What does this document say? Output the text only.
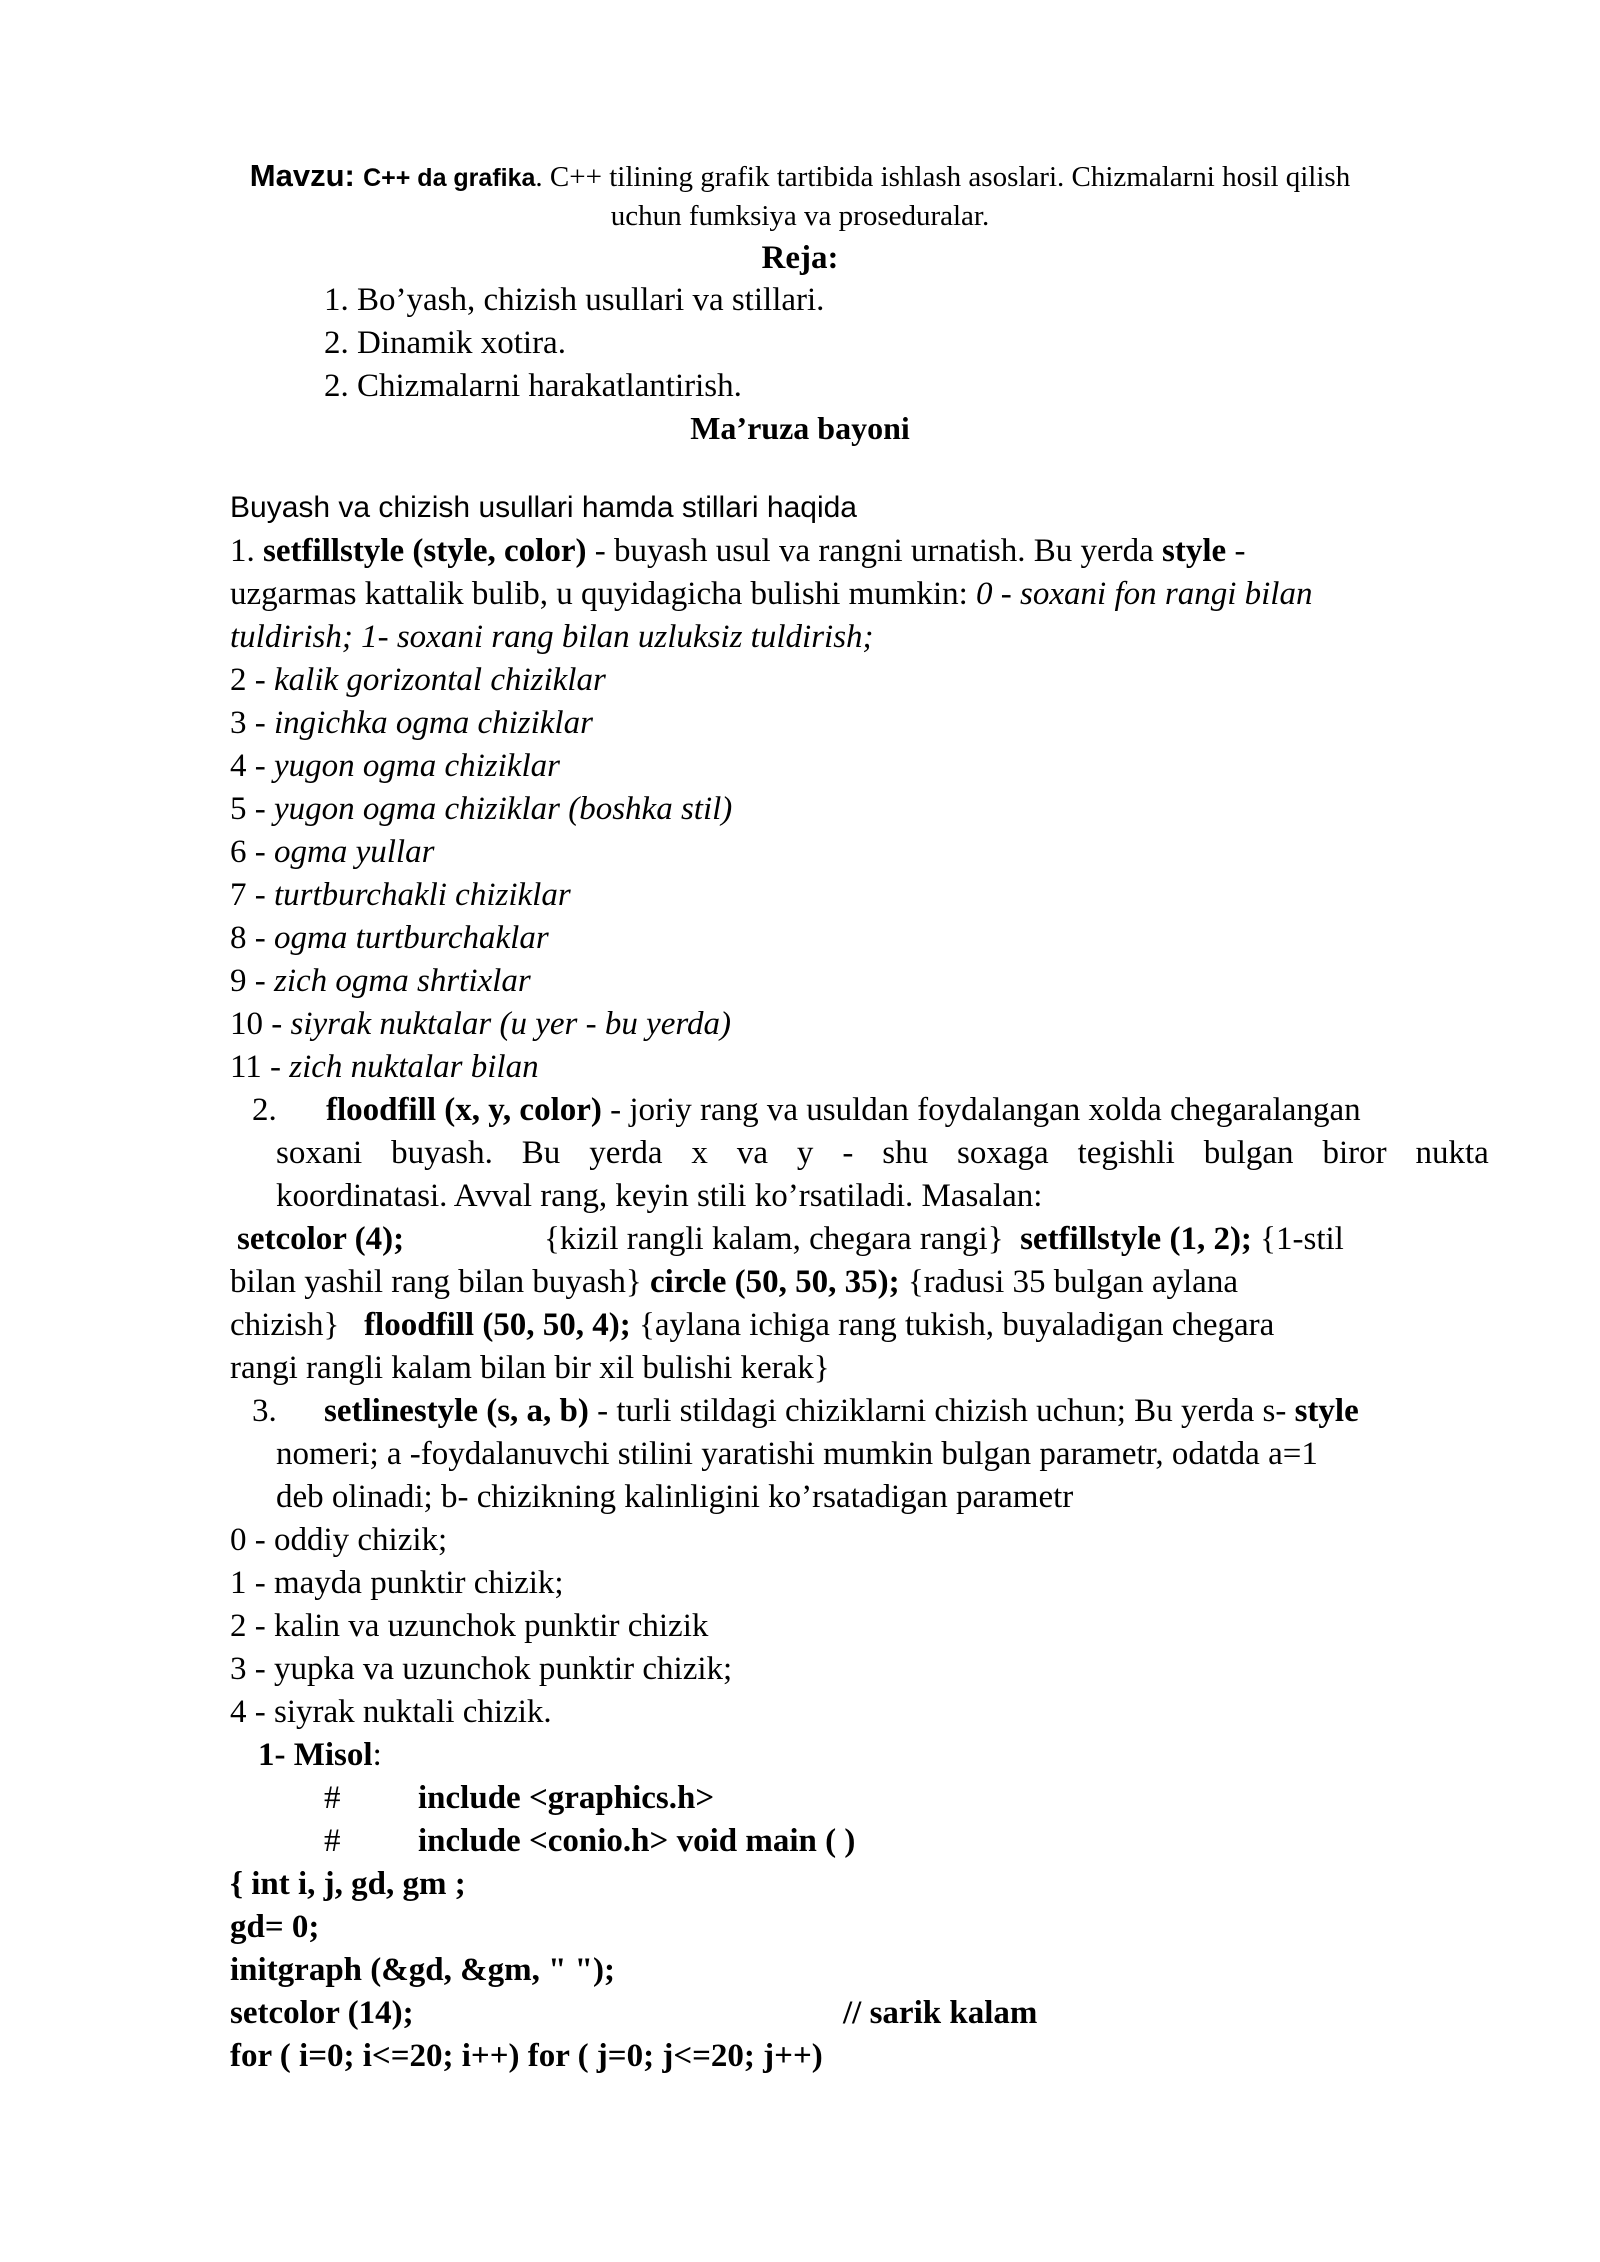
Mavzu: C++ da grafika. C++ tilining grafik tartibida ishlash asoslari. Chizmalarni hosil qilish
uchun fumksiya va proseduralar.
Reja:
1. Bo’yash, chizish usullari va stillari.
2. Dinamik xotira.
2. Chizmalarni harakatlantirish.
Ma’ruza bayoni
Buyash va chizish usullari hamda stillari haqida
1. setfillstyle (style, color) - buyash usul va rangni urnatish. Bu yerda style -
uzgarmas kattalik bulib, u quyidagicha bulishi mumkin: 0 - soxani fon rangi bilan
tuldirish; 1- soxani rang bilan uzluksiz tuldirish;
2 - kalik gorizontal chiziklar
3 - ingichka ogma chiziklar
4 - yugon ogma chiziklar
5 - yugon ogma chiziklar (boshka stil)
6 - ogma yullar
7 - turtburchakli chiziklar
8 - ogma turtburchaklar
9 - zich ogma shrtixlar
10 - siyrak nuktalar (u yer - bu yerda)
11 - zich nuktalar bilan
2. floodfill (x, y, color) - joriy rang va usuldan foydalangan xolda chegaralangan
soxani buyash. Bu yerda x va y - shu soxaga tegishli bulgan biror nukta
koordinatasi. Avval rang, keyin stili ko’rsatiladi. Masalan:
setcolor (4);	{kizil rangli kalam, chegara rangi} setfillstyle (1, 2); {1-stil
bilan yashil rang bilan buyash} circle (50, 50, 35); {radusi 35 bulgan aylana
chizish} floodfill (50, 50, 4); {aylana ichiga rang tukish, buyaladigan chegara
rangi rangli kalam bilan bir xil bulishi kerak}
3. setlinestyle (s, a, b) - turli stildagi chiziklarni chizish uchun; Bu yerda s- style
nomeri; a -foydalanuvchi stilini yaratishi mumkin bulgan parametr, odatda a=1
deb olinadi; b- chizikning kalinligini ko’rsatadigan parametr
0 - oddiy chizik;
1 - mayda punktir chizik;
2 - kalin va uzunchok punktir chizik
3 - yupka va uzunchok punktir chizik;
4 - siyrak nuktali chizik.
1- Misol:
# include <graphics.h>
# include <conio.h> void main ( )
{ int i, j, gd, gm ;
gd= 0;
initgraph (&gd, &gm, " ");
setcolor (14);	// sarik kalam
for ( i=0; i<=20; i++) for ( j=0; j<=20; j++)
